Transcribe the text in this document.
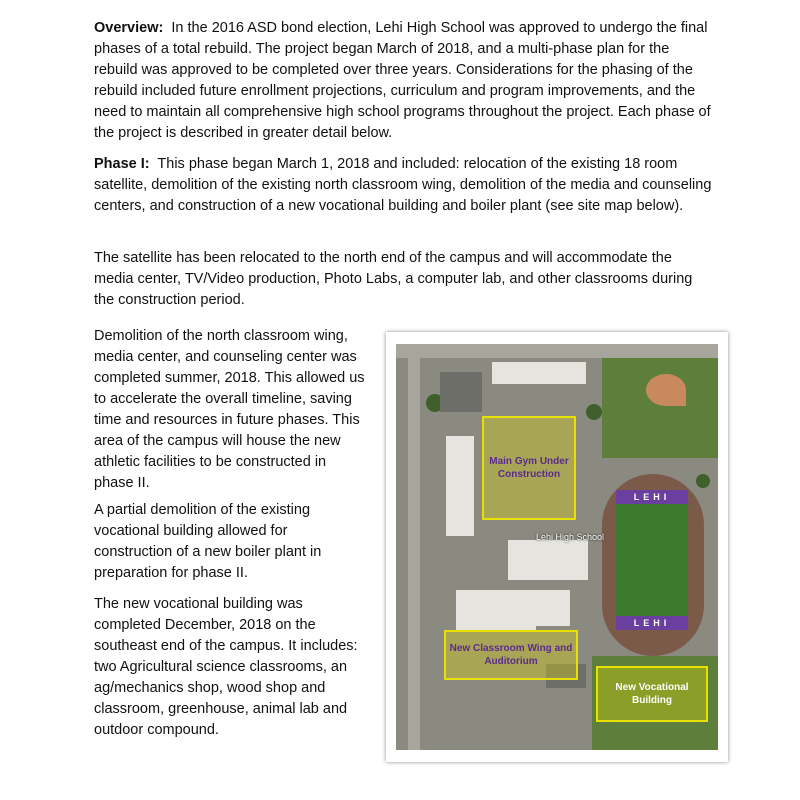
Overview: In the 2016 ASD bond election, Lehi High School was approved to undergo the final phases of a total rebuild. The project began March of 2018, and a multi-phase plan for the rebuild was approved to be completed over three years. Considerations for the phasing of the rebuild included future enrollment projections, curriculum and program improvements, and the need to maintain all comprehensive high school programs throughout the project. Each phase of the project is described in greater detail below.

Phase I: This phase began March 1, 2018 and included: relocation of the existing 18 room satellite, demolition of the existing north classroom wing, demolition of the media and counseling centers, and construction of a new vocational building and boiler plant (see site map below).

The satellite has been relocated to the north end of the campus and will accommodate the media center, TV/Video production, Photo Labs, a computer lab, and other classrooms during the construction period.

Demolition of the north classroom wing, media center, and counseling center was completed summer, 2018. This allowed us to accelerate the overall timeline, saving time and resources in future phases. This area of the campus will house the new athletic facilities to be constructed in phase II.

A partial demolition of the existing vocational building allowed for construction of a new boiler plant in preparation for phase II.

The new vocational building was completed December, 2018 on the southeast end of the campus. It includes: two Agricultural science classrooms, an ag/mechanics shop, wood shop and classroom, greenhouse, animal lab and outdoor compound.

LEHI
LEHI
Main Gym Under Construction
New Classroom Wing and Auditorium
New Vocational Building
Lehi High School
